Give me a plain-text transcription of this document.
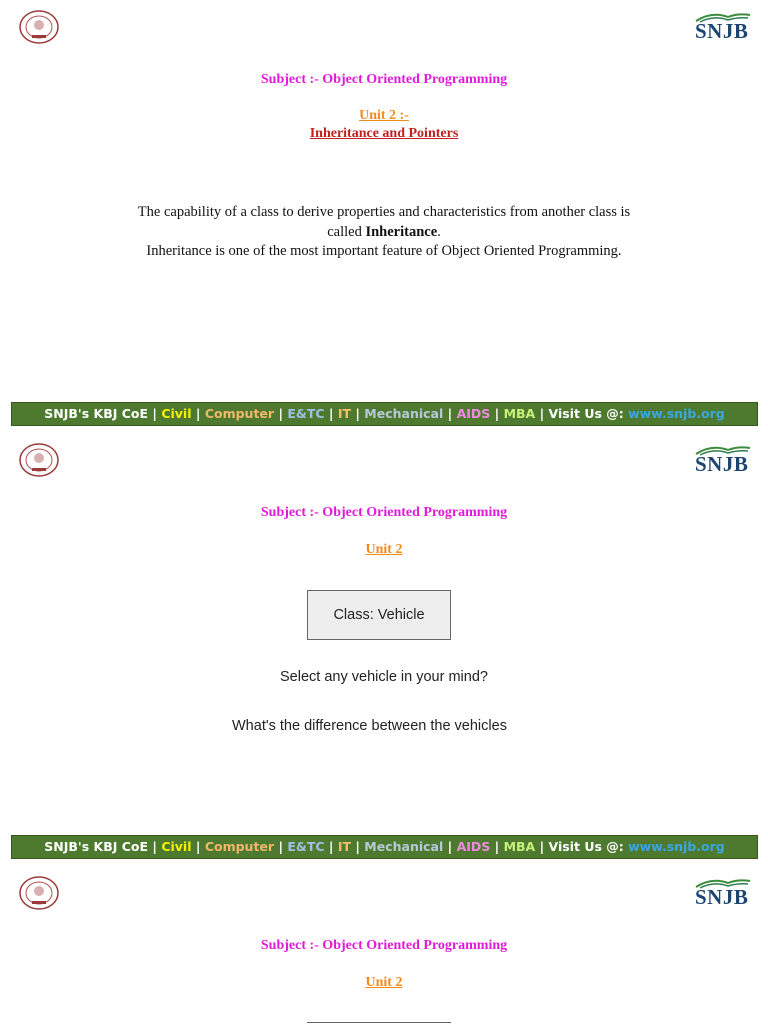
SNJB
Subject :- Object Oriented Programming
Unit 2 :-
Inheritance and Pointers
The capability of a class to derive properties and characteristics from another class is
called Inheritance.
Inheritance is one of the most important feature of Object Oriented Programming.
SNJB's KBJ CoE | Civil | Computer | E&TC | IT | Mechanical | AIDS | MBA | Visit Us @: www.snjb.org
SNJB
Subject :- Object Oriented Programming
Unit 2
Class: Vehicle
Select any vehicle in your mind?
What's the difference between the vehicles
SNJB's KBJ CoE | Civil | Computer | E&TC | IT | Mechanical | AIDS | MBA | Visit Us @: www.snjb.org
SNJB
Subject :- Object Oriented Programming
Unit 2
